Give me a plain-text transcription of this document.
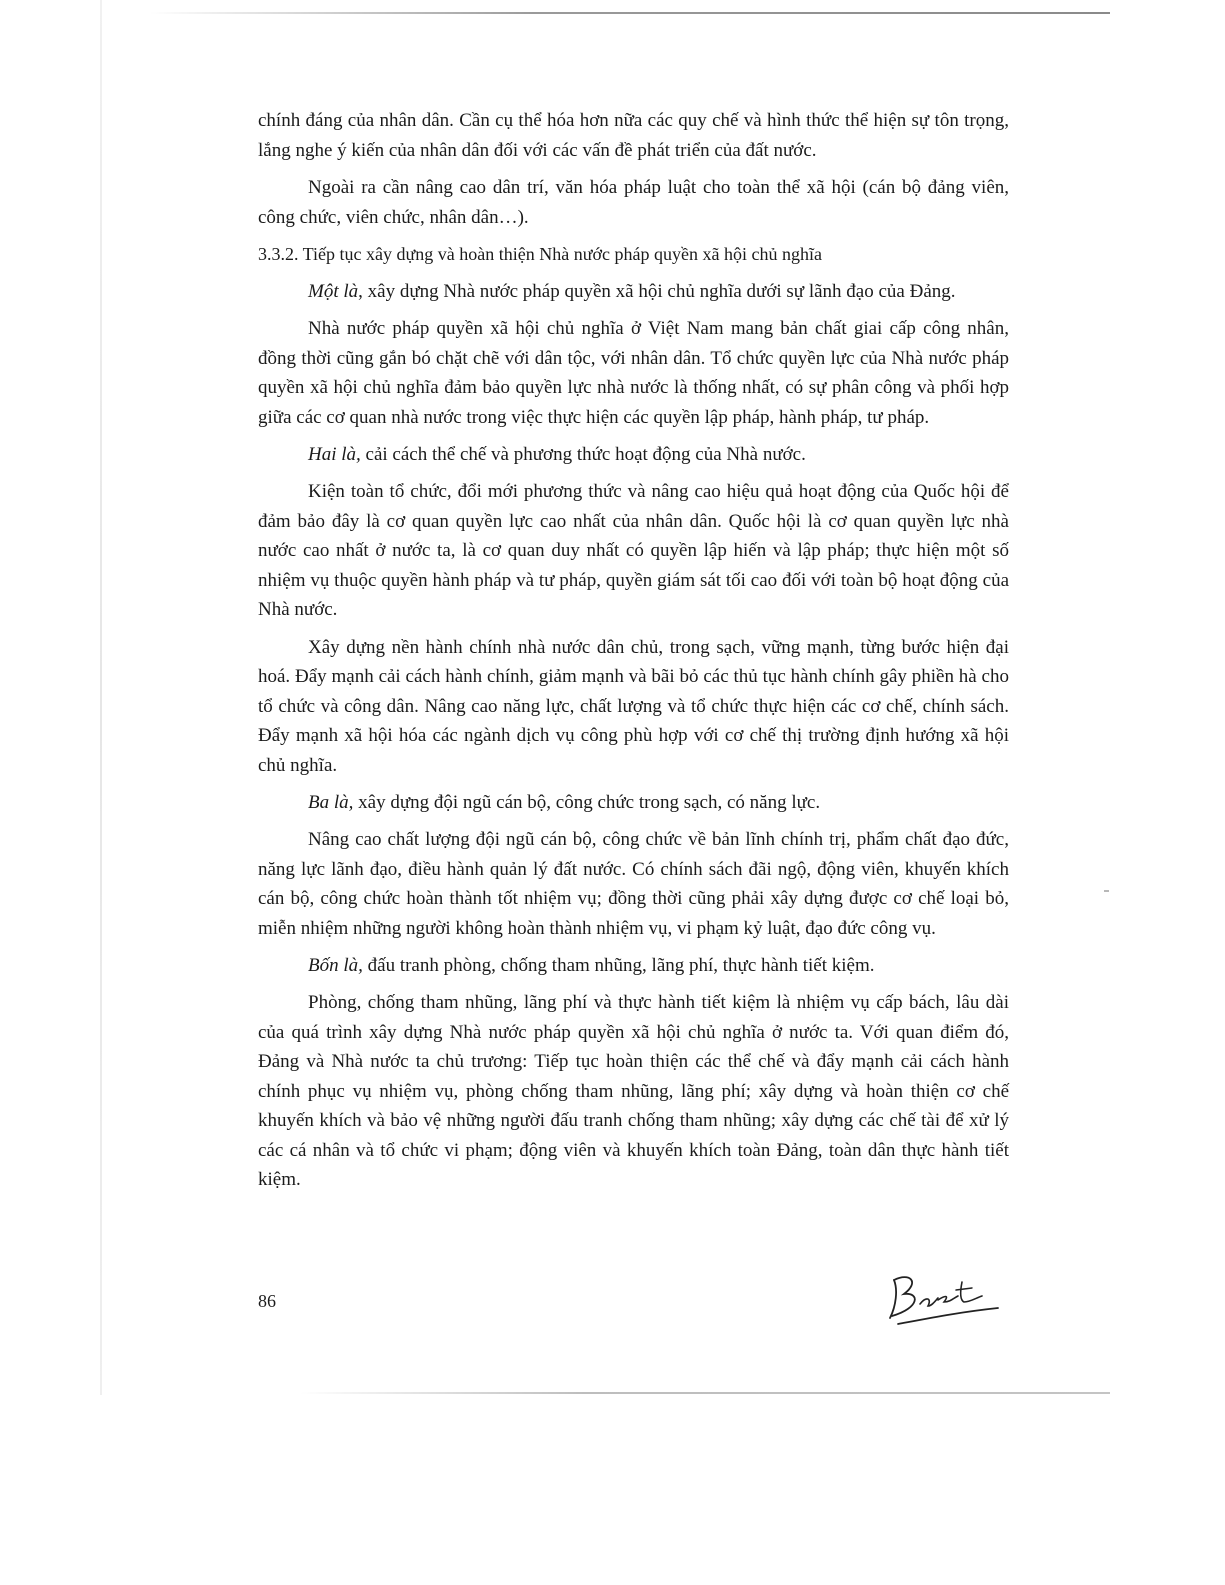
chính đáng của nhân dân. Cần cụ thể hóa hơn nữa các quy chế và hình thức thể hiện sự tôn trọng, lắng nghe ý kiến của nhân dân đối với các vấn đề phát triển của đất nước.

Ngoài ra cần nâng cao dân trí, văn hóa pháp luật cho toàn thể xã hội (cán bộ đảng viên, công chức, viên chức, nhân dân…).

3.3.2. Tiếp tục xây dựng và hoàn thiện Nhà nước pháp quyền xã hội chủ nghĩa

Một là, xây dựng Nhà nước pháp quyền xã hội chủ nghĩa dưới sự lãnh đạo của Đảng.

Nhà nước pháp quyền xã hội chủ nghĩa ở Việt Nam mang bản chất giai cấp công nhân, đồng thời cũng gắn bó chặt chẽ với dân tộc, với nhân dân. Tổ chức quyền lực của Nhà nước pháp quyền xã hội chủ nghĩa đảm bảo quyền lực nhà nước là thống nhất, có sự phân công và phối hợp giữa các cơ quan nhà nước trong việc thực hiện các quyền lập pháp, hành pháp, tư pháp.

Hai là, cải cách thể chế và phương thức hoạt động của Nhà nước.

Kiện toàn tổ chức, đổi mới phương thức và nâng cao hiệu quả hoạt động của Quốc hội để đảm bảo đây là cơ quan quyền lực cao nhất của nhân dân. Quốc hội là cơ quan quyền lực nhà nước cao nhất ở nước ta, là cơ quan duy nhất có quyền lập hiến và lập pháp; thực hiện một số nhiệm vụ thuộc quyền hành pháp và tư pháp, quyền giám sát tối cao đối với toàn bộ hoạt động của Nhà nước.

Xây dựng nền hành chính nhà nước dân chủ, trong sạch, vững mạnh, từng bước hiện đại hoá. Đẩy mạnh cải cách hành chính, giảm mạnh và bãi bỏ các thủ tục hành chính gây phiền hà cho tổ chức và công dân. Nâng cao năng lực, chất lượng và tổ chức thực hiện các cơ chế, chính sách. Đẩy mạnh xã hội hóa các ngành dịch vụ công phù hợp với cơ chế thị trường định hướng xã hội chủ nghĩa.

Ba là, xây dựng đội ngũ cán bộ, công chức trong sạch, có năng lực.

Nâng cao chất lượng đội ngũ cán bộ, công chức về bản lĩnh chính trị, phẩm chất đạo đức, năng lực lãnh đạo, điều hành quản lý đất nước. Có chính sách đãi ngộ, động viên, khuyến khích cán bộ, công chức hoàn thành tốt nhiệm vụ; đồng thời cũng phải xây dựng được cơ chế loại bỏ, miễn nhiệm những người không hoàn thành nhiệm vụ, vi phạm kỷ luật, đạo đức công vụ.

Bốn là, đấu tranh phòng, chống tham nhũng, lãng phí, thực hành tiết kiệm.

Phòng, chống tham nhũng, lãng phí và thực hành tiết kiệm là nhiệm vụ cấp bách, lâu dài của quá trình xây dựng Nhà nước pháp quyền xã hội chủ nghĩa ở nước ta. Với quan điểm đó, Đảng và Nhà nước ta chủ trương: Tiếp tục hoàn thiện các thể chế và đẩy mạnh cải cách hành chính phục vụ nhiệm vụ, phòng chống tham nhũng, lãng phí; xây dựng và hoàn thiện cơ chế khuyến khích và bảo vệ những người đấu tranh chống tham nhũng; xây dựng các chế tài để xử lý các cá nhân và tổ chức vi phạm; động viên và khuyến khích toàn Đảng, toàn dân thực hành tiết kiệm.

86
